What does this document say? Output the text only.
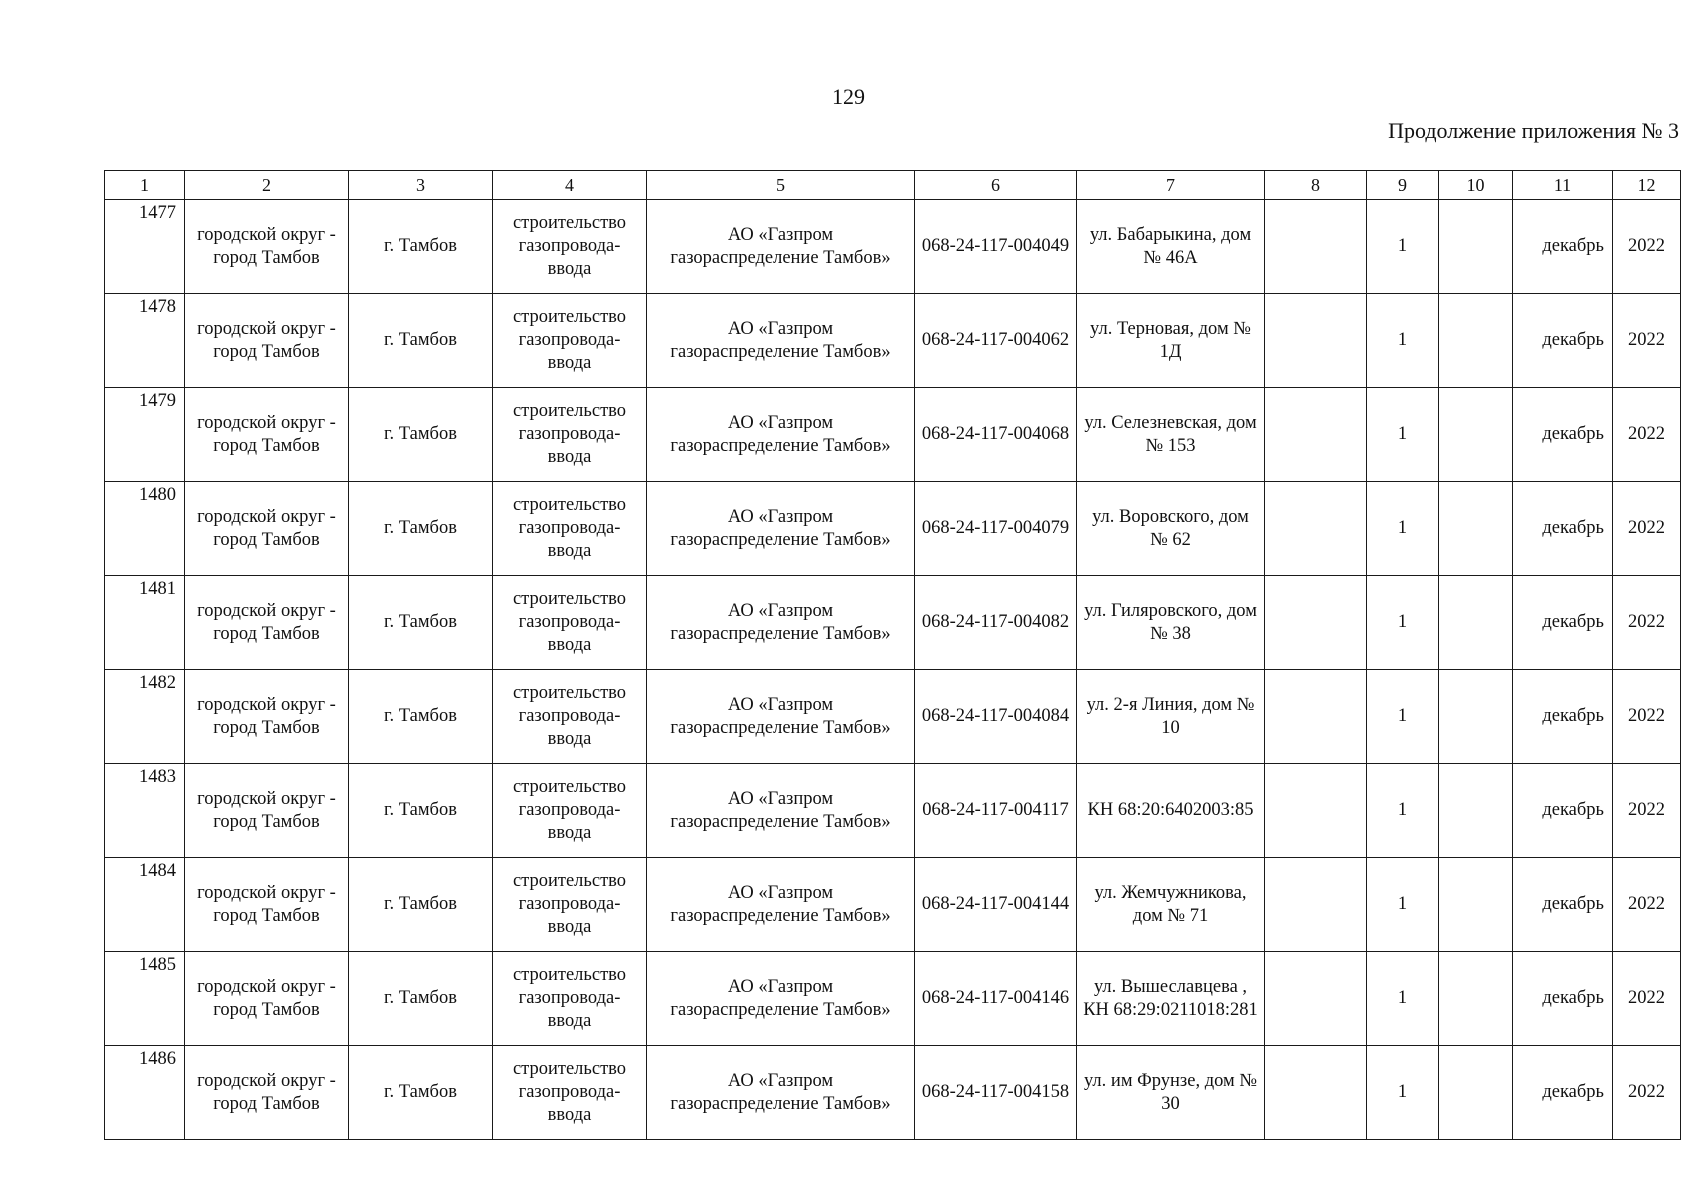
129
Продолжение приложения № 3
1	2	3	4	5	6	7	8	9	10	11	12
1477	городской округ - город Тамбов	г. Тамбов	строительство газопровода-ввода	АО «Газпром газораспределение Тамбов»	068-24-117-004049	ул. Бабарыкина, дом № 46А		1		декабрь	2022
1478	городской округ - город Тамбов	г. Тамбов	строительство газопровода-ввода	АО «Газпром газораспределение Тамбов»	068-24-117-004062	ул. Терновая, дом № 1Д		1		декабрь	2022
1479	городской округ - город Тамбов	г. Тамбов	строительство газопровода-ввода	АО «Газпром газораспределение Тамбов»	068-24-117-004068	ул. Селезневская, дом № 153		1		декабрь	2022
1480	городской округ - город Тамбов	г. Тамбов	строительство газопровода-ввода	АО «Газпром газораспределение Тамбов»	068-24-117-004079	ул. Воровского, дом № 62		1		декабрь	2022
1481	городской округ - город Тамбов	г. Тамбов	строительство газопровода-ввода	АО «Газпром газораспределение Тамбов»	068-24-117-004082	ул. Гиляровского, дом № 38		1		декабрь	2022
1482	городской округ - город Тамбов	г. Тамбов	строительство газопровода-ввода	АО «Газпром газораспределение Тамбов»	068-24-117-004084	ул. 2-я Линия, дом № 10		1		декабрь	2022
1483	городской округ - город Тамбов	г. Тамбов	строительство газопровода-ввода	АО «Газпром газораспределение Тамбов»	068-24-117-004117	КН 68:20:6402003:85		1		декабрь	2022
1484	городской округ - город Тамбов	г. Тамбов	строительство газопровода-ввода	АО «Газпром газораспределение Тамбов»	068-24-117-004144	ул. Жемчужникова, дом № 71		1		декабрь	2022
1485	городской округ - город Тамбов	г. Тамбов	строительство газопровода-ввода	АО «Газпром газораспределение Тамбов»	068-24-117-004146	ул. Вышеславцева , КН 68:29:0211018:281		1		декабрь	2022
1486	городской округ - город Тамбов	г. Тамбов	строительство газопровода-ввода	АО «Газпром газораспределение Тамбов»	068-24-117-004158	ул. им Фрунзе, дом № 30		1		декабрь	2022
